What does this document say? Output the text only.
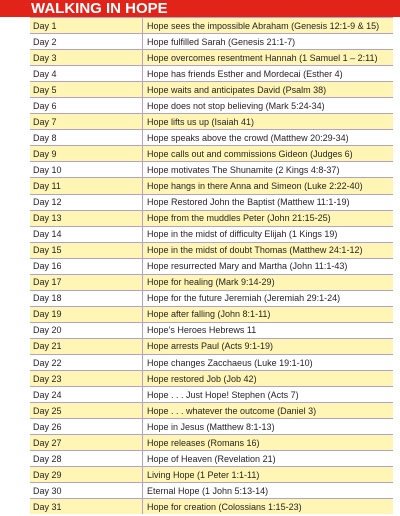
WALKING IN HOPE
Day 1	Hope sees the impossible Abraham (Genesis 12:1-9 & 15)
Day 2	Hope fulfilled Sarah (Genesis 21:1-7)
Day 3	Hope overcomes resentment Hannah (1 Samuel 1 – 2:11)
Day 4	Hope has friends Esther and Mordecai (Esther 4)
Day 5	Hope waits and anticipates David (Psalm 38)
Day 6	Hope does not stop believing (Mark 5:24-34)
Day 7	Hope lifts us up (Isaiah 41)
Day 8	Hope speaks above the crowd (Matthew 20:29-34)
Day 9	Hope calls out and commissions Gideon (Judges 6)
Day 10	Hope motivates The Shunamite (2 Kings 4:8-37)
Day 11	Hope hangs in there Anna and Simeon (Luke 2:22-40)
Day 12	Hope Restored John the Baptist (Matthew 11:1-19)
Day 13	Hope from the muddles Peter (John 21:15-25)
Day 14	Hope in the midst of difficulty Elijah (1 Kings 19)
Day 15	Hope in the midst of doubt Thomas (Matthew 24:1-12)
Day 16	Hope resurrected Mary and Martha (John 11:1-43)
Day 17	Hope for healing (Mark 9:14-29)
Day 18	Hope for the future Jeremiah (Jeremiah 29:1-24)
Day 19	Hope after falling (John 8:1-11)
Day 20	Hope’s Heroes Hebrews 11
Day 21	Hope arrests Paul (Acts 9:1-19)
Day 22	Hope changes Zacchaeus (Luke 19:1-10)
Day 23	Hope restored Job (Job 42)
Day 24	Hope . . . Just Hope! Stephen (Acts 7)
Day 25	Hope . . . whatever the outcome (Daniel 3)
Day 26	Hope in Jesus (Matthew 8:1-13)
Day 27	Hope releases (Romans 16)
Day 28	Hope of Heaven (Revelation 21)
Day 29	Living Hope (1 Peter 1:1-11)
Day 30	Eternal Hope (1 John 5:13-14)
Day 31	Hope for creation (Colossians 1:15-23)
